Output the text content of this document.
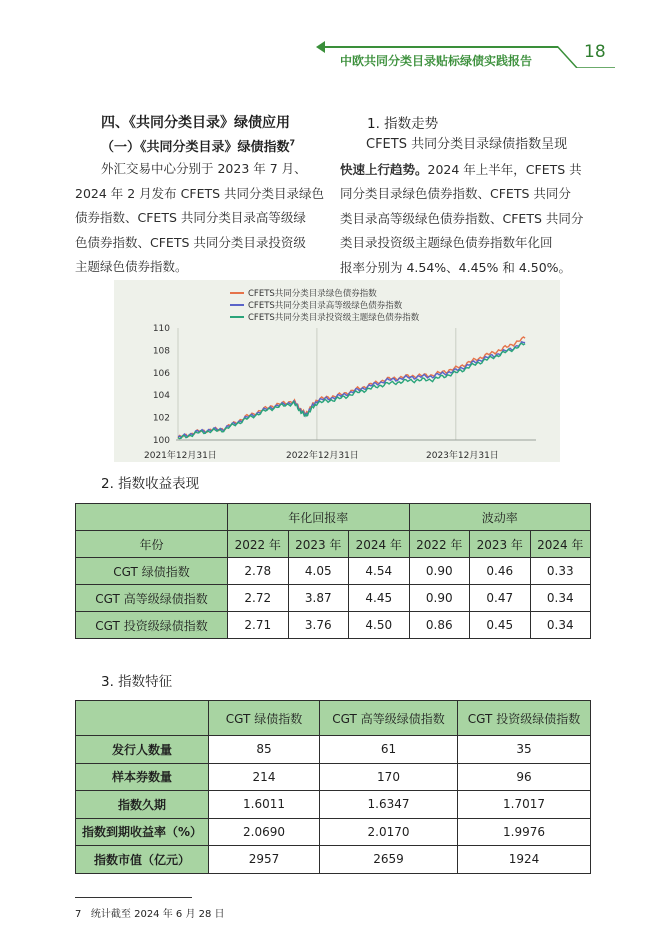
中欧共同分类目录贴标绿债实践报告	18
四、《共同分类目录》绿债应用
（一）《共同分类目录》绿债指数$^7$
外汇交易中心分别于 2023 年 7 月、
2024 年 2 月发布 CFETS 共同分类目录绿色
债券指数、CFETS 共同分类目录高等级绿
色债券指数、CFETS 共同分类目录投资级
主题绿色债券指数。
1. 指数走势
CFETS 共同分类目录绿债指数呈现
快速上行趋势。2024 年上半年，CFETS 共
同分类目录绿色债券指数、CFETS 共同分
类目录高等级绿色债券指数、CFETS 共同分
类目录投资级主题绿色债券指数年化回
报率分别为 4.54%、4.45% 和 4.50%。
100
102
104
106
108
110
CFETS共同分类目录绿色债券指数
CFETS共同分类目录高等级绿色债券指数
CFETS共同分类目录投资级主题绿色债券指数
2021年12月31日	2022年12月31日	2023年12月31日
2. 指数收益表现
	年化回报率			波动率		
年份	2022 年	2023 年	2024 年	2022 年	2023 年	2024 年
CGT 绿债指数	2.78	4.05	4.54	0.90	0.46	0.33
CGT 高等级绿债指数	2.72	3.87	4.45	0.90	0.47	0.34
CGT 投资级绿债指数	2.71	3.76	4.50	0.86	0.45	0.34
3. 指数特征
	CGT 绿债指数	CGT 高等级绿债指数	CGT 投资级绿债指数
发行人数量	85	61	35
样本券数量	214	170	96
指数久期	1.6011	1.6347	1.7017
指数到期收益率（%）	2.0690	2.0170	1.9976
指数市值（亿元）	2957	2659	1924
7 统计截至 2024 年 6 月 28 日
